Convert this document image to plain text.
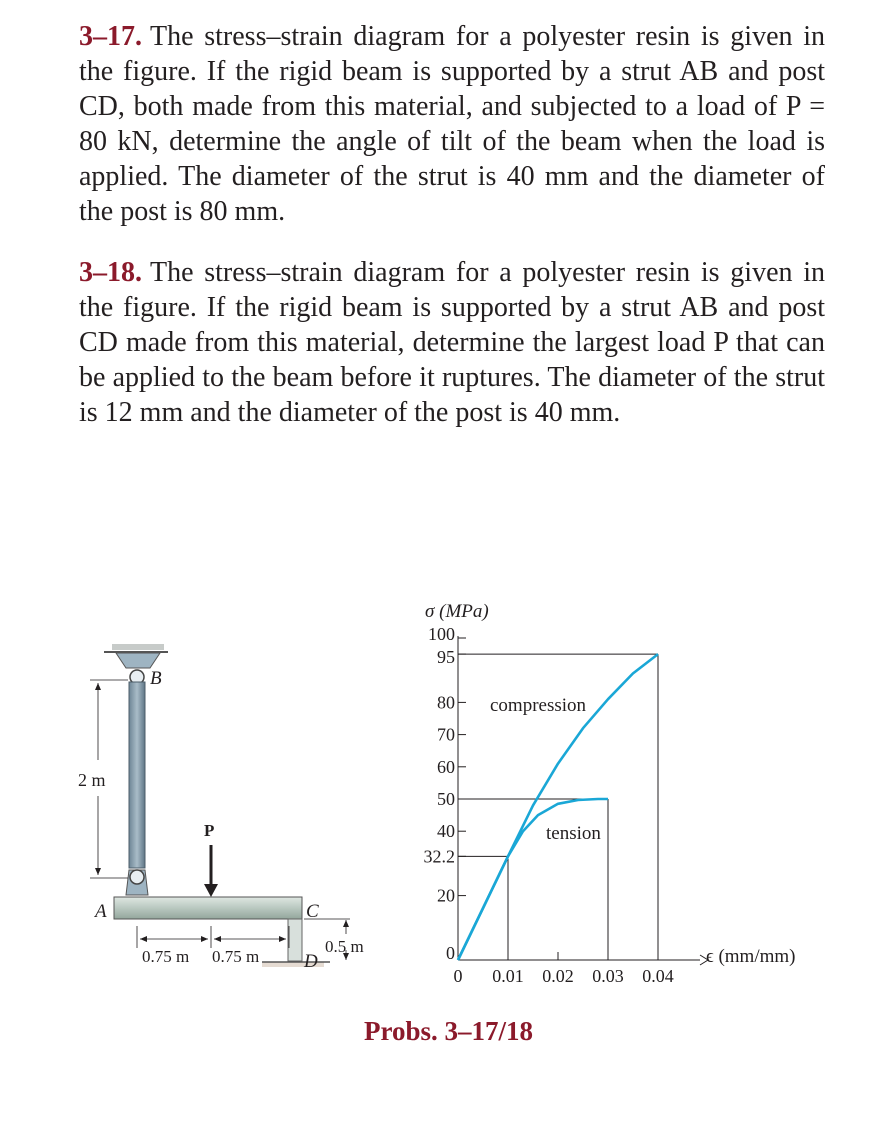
3–17. The stress–strain diagram for a polyester resin is given in the figure. If the rigid beam is supported by a strut AB and post CD, both made from this material, and subjected to a load of P = 80 kN, determine the angle of tilt of the beam when the load is applied. The diameter of the strut is 40 mm and the diameter of the post is 80 mm.
3–18. The stress–strain diagram for a polyester resin is given in the figure. If the rigid beam is supported by a strut AB and post CD made from this material, determine the largest load P that can be applied to the beam before it ruptures. The diameter of the strut is 12 mm and the diameter of the post is 40 mm.
P
B
A	C
D
2 m
0.75 m 0.75 m
0.5 m
σ (MPa)
ϵ (mm/mm)
100
95
80
70
60
50
40
32.2
20
0
0 0.01 0.02 0.03 0.04
compression
tension
Probs. 3–17/18
